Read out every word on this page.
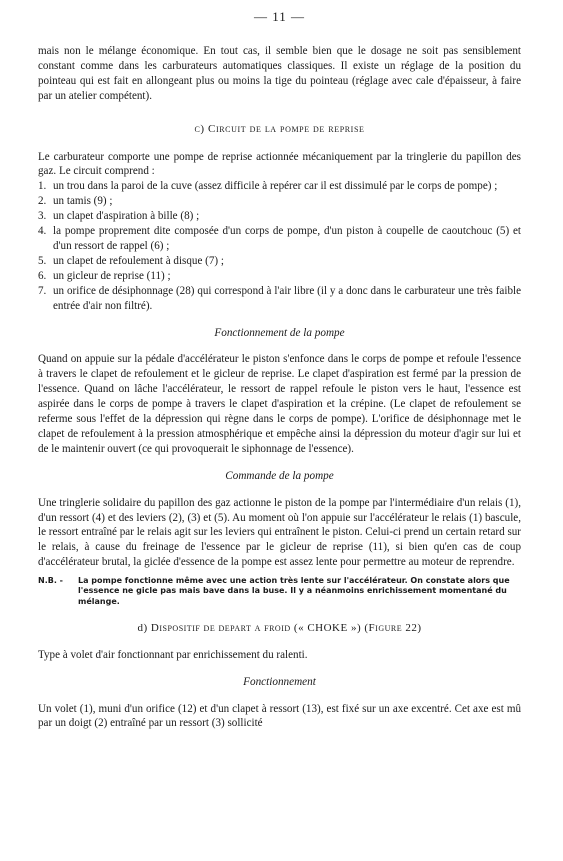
— 11 —

mais non le mélange économique. En tout cas, il semble bien que le dosage ne soit pas sensiblement constant comme dans les carburateurs automatiques classiques. Il existe un réglage de la position du pointeau qui est fait en allongeant plus ou moins la tige du pointeau (réglage avec cale d'épaisseur, à faire par un atelier compétent).

c) Circuit de la pompe de reprise

Le carburateur comporte une pompe de reprise actionnée mécaniquement par la tringlerie du papillon des gaz. Le circuit comprend :

1. un trou dans la paroi de la cuve (assez difficile à repérer car il est dissimulé par le corps de pompe) ;
2. un tamis (9) ;
3. un clapet d'aspiration à bille (8) ;
4. la pompe proprement dite composée d'un corps de pompe, d'un piston à coupelle de caoutchouc (5) et d'un ressort de rappel (6) ;
5. un clapet de refoulement à disque (7) ;
6. un gicleur de reprise (11) ;
7. un orifice de désiphonnage (28) qui correspond à l'air libre (il y a donc dans le carburateur une très faible entrée d'air non filtré).
Fonctionnement de la pompe

Quand on appuie sur la pédale d'accélérateur le piston s'enfonce dans le corps de pompe et refoule l'essence à travers le clapet de refoulement et le gicleur de reprise. Le clapet d'aspiration est fermé par la pression de l'essence. Quand on lâche l'accélérateur, le ressort de rappel refoule le piston vers le haut, l'essence est aspirée dans le corps de pompe à travers le clapet d'aspiration et la crépine. (Le clapet de refoulement se referme sous l'effet de la dépression qui règne dans le corps de pompe). L'orifice de désiphonnage met le clapet de refoulement à la pression atmosphérique et empêche ainsi la dépression du moteur d'agir sur lui et de le maintenir ouvert (ce qui provoquerait le siphonnage de l'essence).

Commande de la pompe

Une tringlerie solidaire du papillon des gaz actionne le piston de la pompe par l'intermédiaire d'un relais (1), d'un ressort (4) et des leviers (2), (3) et (5). Au moment où l'on appuie sur l'accélérateur le relais (1) bascule, le ressort entraîné par le relais agit sur les leviers qui entraînent le piston. Celui-ci prend un certain retard sur le relais, à cause du freinage de l'essence par le gicleur de reprise (11), si bien qu'en cas de coup d'accélérateur brutal, la giclée d'essence de la pompe est assez lente pour permettre au moteur de reprendre.

N.B. -	La pompe fonctionne même avec une action très lente sur l'accélérateur. On constate alors que l'essence ne gicle pas mais bave dans la buse. Il y a néanmoins enrichissement momentané du mélange.
d) Dispositif de depart a froid (« CHOKE ») (Figure 22)

Type à volet d'air fonctionnant par enrichissement du ralenti.

Fonctionnement

Un volet (1), muni d'un orifice (12) et d'un clapet à ressort (13), est fixé sur un axe excentré. Cet axe est mû par un doigt (2) entraîné par un ressort (3) sollicité
